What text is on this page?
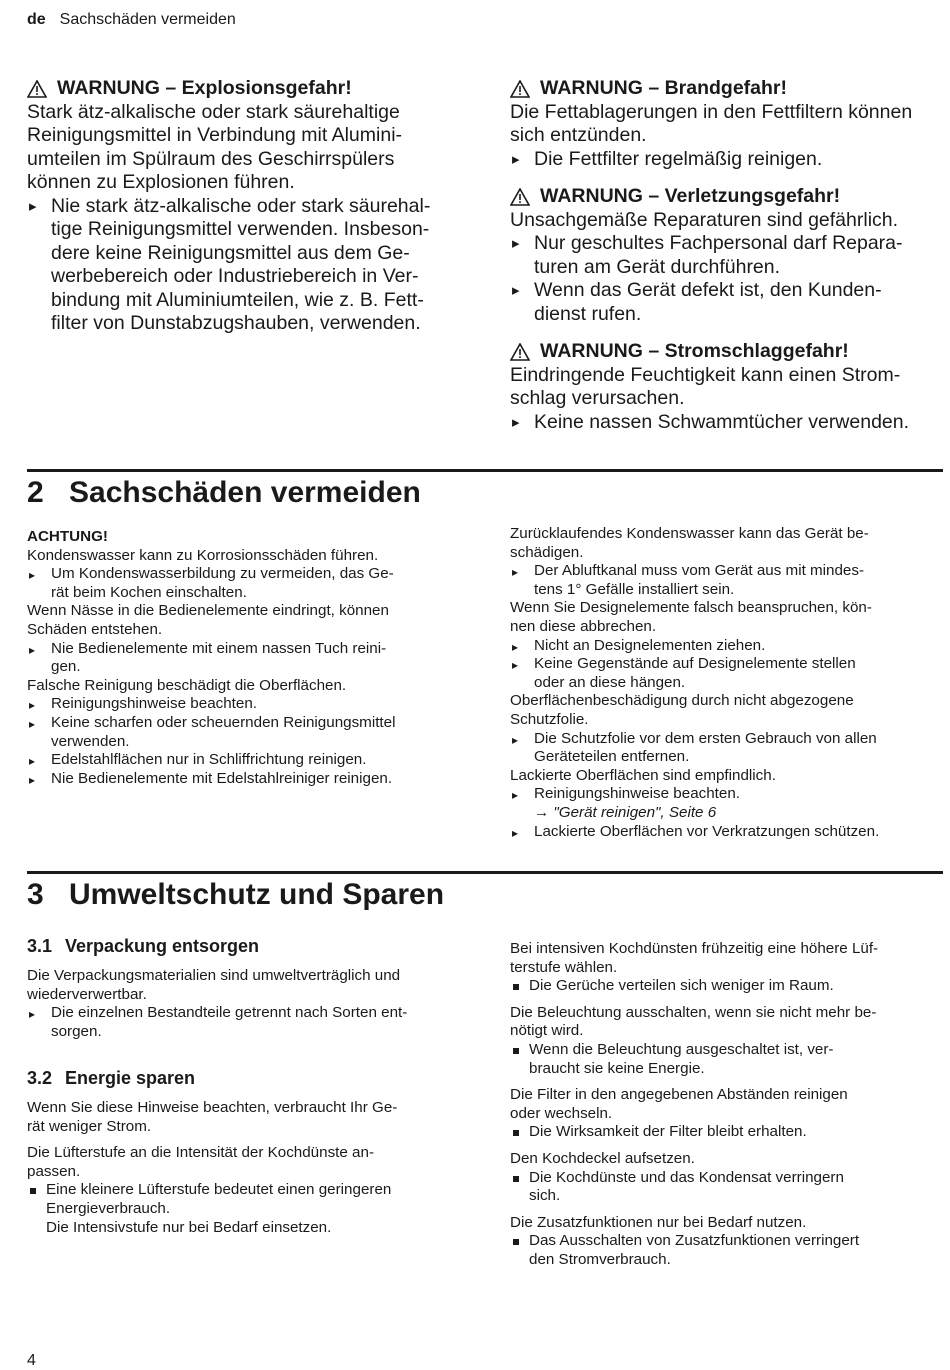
de Sachschäden vermeiden
WARNUNG – Explosionsgefahr!
Stark ätz-alkalische oder stark säurehaltige
Reinigungsmittel in Verbindung mit Alumini-
umteilen im Spülraum des Geschirrspülers
können zu Explosionen führen.
▸ Nie stark ätz-alkalische oder stark säurehal-
tige Reinigungsmittel verwenden. Insbeson-
dere keine Reinigungsmittel aus dem Ge-
werbebereich oder Industriebereich in Ver-
bindung mit Aluminiumteilen, wie z. B. Fett-
filter von Dunstabzugshauben, verwenden.
WARNUNG – Brandgefahr!
Die Fettablagerungen in den Fettfiltern können
sich entzünden.
▸ Die Fettfilter regelmäßig reinigen.
WARNUNG – Verletzungsgefahr!
Unsachgemäße Reparaturen sind gefährlich.
▸ Nur geschultes Fachpersonal darf Repara-
turen am Gerät durchführen.
▸ Wenn das Gerät defekt ist, den Kunden-
dienst rufen.
WARNUNG – Stromschlaggefahr!
Eindringende Feuchtigkeit kann einen Strom-
schlag verursachen.
▸ Keine nassen Schwammtücher verwenden.
2 Sachschäden vermeiden
ACHTUNG!
Kondenswasser kann zu Korrosionsschäden führen.
▸ Um Kondenswasserbildung zu vermeiden, das Ge-
rät beim Kochen einschalten.
Wenn Nässe in die Bedienelemente eindringt, können
Schäden entstehen.
▸ Nie Bedienelemente mit einem nassen Tuch reini-
gen.
Falsche Reinigung beschädigt die Oberflächen.
▸ Reinigungshinweise beachten.
▸ Keine scharfen oder scheuernden Reinigungsmittel
verwenden.
▸ Edelstahlflächen nur in Schliffrichtung reinigen.
▸ Nie Bedienelemente mit Edelstahlreiniger reinigen.
Zurücklaufendes Kondenswasser kann das Gerät be-
schädigen.
▸ Der Abluftkanal muss vom Gerät aus mit mindes-
tens 1° Gefälle installiert sein.
Wenn Sie Designelemente falsch beanspruchen, kön-
nen diese abbrechen.
▸ Nicht an Designelementen ziehen.
▸ Keine Gegenstände auf Designelemente stellen
oder an diese hängen.
Oberflächenbeschädigung durch nicht abgezogene
Schutzfolie.
▸ Die Schutzfolie vor dem ersten Gebrauch von allen
Geräteteilen entfernen.
Lackierte Oberflächen sind empfindlich.
▸ Reinigungshinweise beachten.
→ "Gerät reinigen", Seite 6
▸ Lackierte Oberflächen vor Verkratzungen schützen.
3 Umweltschutz und Sparen
3.1 Verpackung entsorgen
Die Verpackungsmaterialien sind umweltverträglich und
wiederverwertbar.
▸ Die einzelnen Bestandteile getrennt nach Sorten ent-
sorgen.
3.2 Energie sparen
Wenn Sie diese Hinweise beachten, verbraucht Ihr Ge-
rät weniger Strom.
Die Lüfterstufe an die Intensität der Kochdünste an-
passen.
Eine kleinere Lüfterstufe bedeutet einen geringeren
Energieverbrauch.
Die Intensivstufe nur bei Bedarf einsetzen.
Bei intensiven Kochdünsten frühzeitig eine höhere Lüf-
terstufe wählen.
Die Gerüche verteilen sich weniger im Raum.
Die Beleuchtung ausschalten, wenn sie nicht mehr be-
nötigt wird.
Wenn die Beleuchtung ausgeschaltet ist, ver-
braucht sie keine Energie.
Die Filter in den angegebenen Abständen reinigen
oder wechseln.
Die Wirksamkeit der Filter bleibt erhalten.
Den Kochdeckel aufsetzen.
Die Kochdünste und das Kondensat verringern
sich.
Die Zusatzfunktionen nur bei Bedarf nutzen.
Das Ausschalten von Zusatzfunktionen verringert
den Stromverbrauch.
4
